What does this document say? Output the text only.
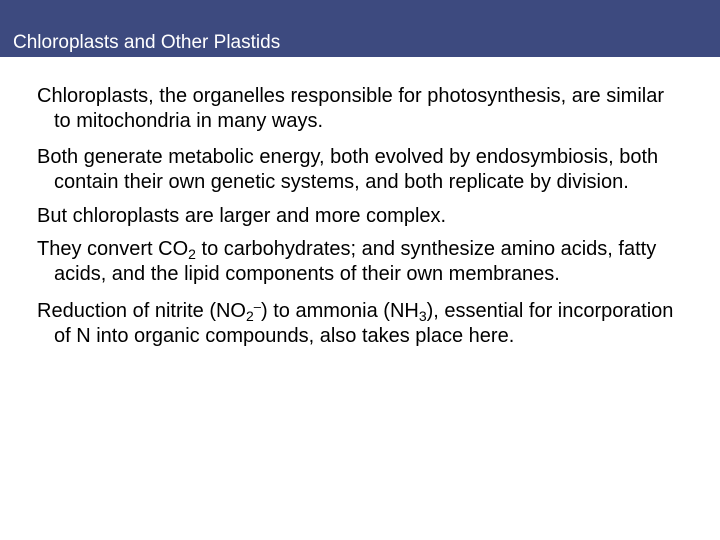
Chloroplasts and Other Plastids

Chloroplasts, the organelles responsible for photosynthesis, are similar to mitochondria in many ways.

Both generate metabolic energy, both evolved by endosymbiosis, both contain their own genetic systems, and both replicate by division.

But chloroplasts are larger and more complex.

They convert $CO_2$ to carbohydrates; and synthesize amino acids, fatty acids, and the lipid components of their own membranes.

Reduction of nitrite $(NO_2^-)$ to ammonia $(NH_3)$, essential for incorporation of N into organic compounds, also takes place here.
